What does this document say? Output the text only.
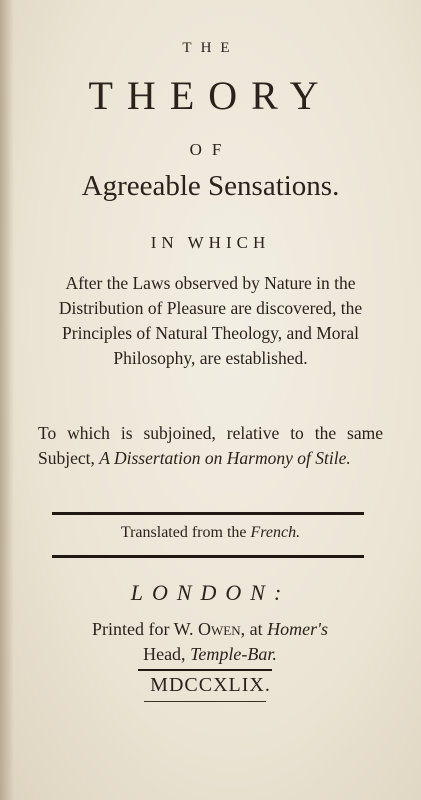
THE
THEORY
OF
Agreeable Sensations.
IN WHICH
After the Laws observed by Nature in the Distribution of Pleasure are discovered, the Principles of Natural Theology, and Moral Philosophy, are established.
To which is subjoined, relative to the same Subject, A Dissertation on Harmony of Stile.
Translated from the French.
LONDON:
Printed for W. Owen, at Homer's
Head, Temple-Bar.
MDCCXLIX.
